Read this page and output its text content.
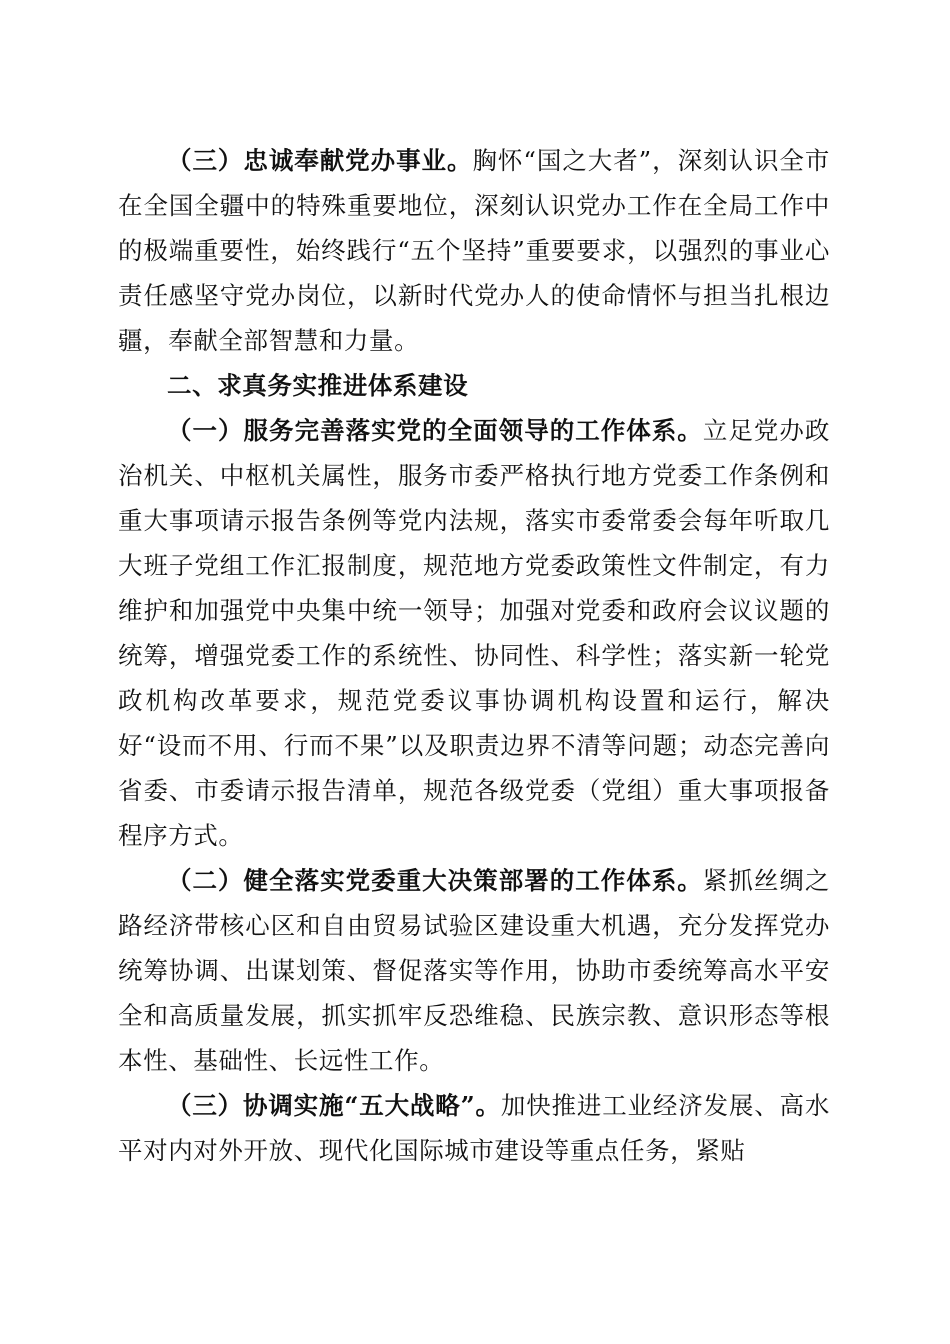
（三）忠诚奉献党办事业。胸怀“国之大者”，深刻认识全市在全国全疆中的特殊重要地位，深刻认识党办工作在全局工作中的极端重要性，始终践行“五个坚持”重要要求，以强烈的事业心责任感坚守党办岗位，以新时代党办人的使命情怀与担当扎根边疆，奉献全部智慧和力量。

二、求真务实推进体系建设

（一）服务完善落实党的全面领导的工作体系。立足党办政治机关、中枢机关属性，服务市委严格执行地方党委工作条例和重大事项请示报告条例等党内法规，落实市委常委会每年听取几大班子党组工作汇报制度，规范地方党委政策性文件制定，有力维护和加强党中央集中统一领导；加强对党委和政府会议议题的统筹，增强党委工作的系统性、协同性、科学性；落实新一轮党政机构改革要求，规范党委议事协调机构设置和运行，解决好“设而不用、行而不果”以及职责边界不清等问题；动态完善向省委、市委请示报告清单，规范各级党委（党组）重大事项报备程序方式。

（二）健全落实党委重大决策部署的工作体系。紧抓丝绸之路经济带核心区和自由贸易试验区建设重大机遇，充分发挥党办统筹协调、出谋划策、督促落实等作用，协助市委统筹高水平安全和高质量发展，抓实抓牢反恐维稳、民族宗教、意识形态等根本性、基础性、长远性工作。

（三）协调实施“五大战略”。加快推进工业经济发展、高水平对内对外开放、现代化国际城市建设等重点任务，紧贴
